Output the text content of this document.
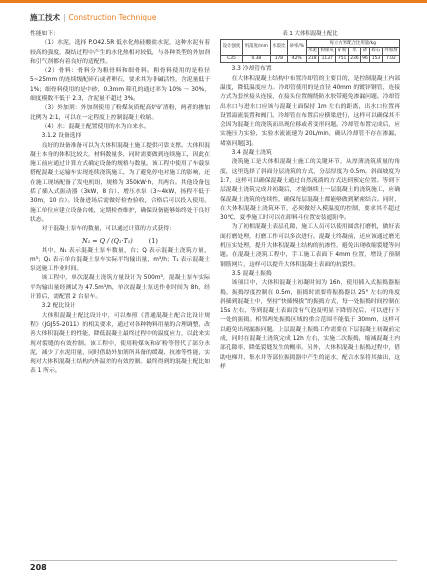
施工技术 | Construction Technique

性能如下：

（1）水泥，选择 P.O42.5R 低水化热硅酸盐水泥，这种水泥有着较高的强度，凝结过程中产生的水化热相对较低，与各种类型的外加剂和引气剂都有着良好的适配性。

（2）骨料：骨料分为粗骨料和细骨料。粗骨料使用的是粒径 5~25mm 的连续级配碎石或者卵石，要求其为非碱活性，含泥量低于 1%；细骨料使用的是中砂，0.3mm 筛孔的通过率为 10% ～ 30%，细度模数不低于 2.3，含泥量不超过 3%。

（3）外加剂：外加剂使用了粉煤灰质配高炉矿渣粉，两者的掺加比例为 2:1，可以在一定程度上控制混凝土收缩。

（4）水：混凝土配置使用的水为自来水。

3.1.2 设备选择

良好的设备准备可以为大体积混凝土施工提供可靠支撑。大体积混凝土本身的体积比较大，材料数量多，同时需要做到连续施工，因此在施工前应通过计算方式确定设备的规格与数量。该工程中使用了车载泵搭配混凝土运输车实现连续浇筑施工，为了避免停电对施工的影响，还在施工现场配备了发电机组，规格为 350kW·h，共两台。其他设备包括了插入式振动器（3kW，8 台）、增压水泵（3~4kW，扬程不低于 30m，10 台）。设备进场后需做好检查验收，合格后可以投入使用。施工单位应建立设备台帐，定期检查维护，确保设备能够始终处于良好状态。

对于混凝土泵车的数量，可以通过计算的方式获得：

N₁ = Q / (Q₁·T₁)	(1)

其中，N₁ 表示混凝土泵车数量，台；Q 表示混凝土浇筑方量，m³；Q₁ 表示单台混凝土泵车实际平均输出量，m³/h；T₁ 表示混凝土泵送施工作业时间。

该工程中，单次混凝土浇筑方量设计为 500m³，混凝土泵车实际平均输出量经测试为 47.5m³/h，单次混凝土泵送作业时间为 8h，经计算后，需配置 2 台泵车。

3.2 配比设计

大体积混凝土配比设计中，可以参照《普通混凝土配合比设计规程》（JGJ55-2011）的相关要求，通过对各种物料用量的合理调整，改善大体积混凝土的性能，降低混凝土最终过程中的温度应力，以此来实现对裂缝的有效控制。该工程中，使用粉煤灰和矿粉等替代了部分水泥，减少了水泥用量，同时借助外加剂所具备的缓凝、抗渗等性能，实现对大体积混凝土结构内外温差的有效控制。最终得到的混凝土配比如表 1 所示。

表 1 大体积混凝土配比
设计强度	坍落度/mm	水胶比	砂率/%	每立方米配合比用量/kg						
				水泥	粉煤灰	矿粉	水	砂	碎石	外加剂
C35	0.38	178	42%	218	1137	751	236	96	153	7.02
3.3 冷却管布置

在大体积混凝土结构中布置冷却管的主要目的，是控制混凝土内部温度，降低温度应力。冷却管使用的是直径 40mm 的镀锌钢管，连接方式为套丝接头连接，在接头位置缠绕防水胶带避免渗漏问题。冷却管出水口与进水口应该与混凝土面保持 1m 左右的距离，出水口位置再设置溢流装置和阀门。冷却管在布置后应横梁进行，这样可以确保其不会因为混凝土的浇筑而出现位移或者变形问题。冷却管布置完成后，应实施压力实验，实验水流流速为 20L/min，确认冷却管不存在渗漏、堵塞问题[3]。

3.4 混凝土浇筑

浇筑施工是大体积混凝土施工的关键环节，从厚薄浇筑质量的角度，这里选择了斜面分层浇筑的方式，分层厚度为 0.5m，斜面坡度为 1:7，这样可以确保混凝土通过自然流淌的方式达到预定位置。等到下层混凝土浇筑完成并初凝后，才能继续上一层混凝土的浇筑施工，应确保混凝土浇筑的连续性，确保每层混凝土都能够做到紧密结合。同时，在大体积混凝土浇筑环节，必须做好入模温度的控制，要求其不超过 30℃，夏季施工时可以在卸料斗位置安装遮阳伞。

为了初相混凝土表层孔隙，施工人员可以使用圆盘打磨机，做好表面打磨处理，打磨工作可以多次进行。混凝土终凝前，还应该通过磨光机压实处理，提升大体积混凝土结构的抗渗性，避免出现收缩裂缝等问题。在混凝土浇筑工程中，手工施工表面下 4mm 位置，增设了预制钢筋网片，这样可以提升大体积混凝土表面的抗裂性。

3.5 混凝土振捣

该项目中，大体积混凝土初凝时间为 16h，使用插入式振捣器振捣，振捣厚度控制在 0.5m，振捣时需要将振捣器以 25° 左右的角度斜插到混凝土中，坚持“快插慢拔”的振捣方式，每一处振捣时间控制在 15s 左右，等到混凝土表面没有气泡及明显下降情况后，可以进行下一处的振捣。相邻两处振捣区域的重合范围不能低于 30mm，这样可以避免出现漏振问题。上层混凝土振捣工作需要在下层混凝土初凝前完成，同时在混凝土浇筑完成 12h 左右，实施二次振捣，缩减混凝土内部孔隙率，降低裂缝发生的概率。另外，大体积混凝土振捣过程中，借助电梯井、集水井等部位振捣器中产生的泌水，配合水泵将其抽出，这样

208
